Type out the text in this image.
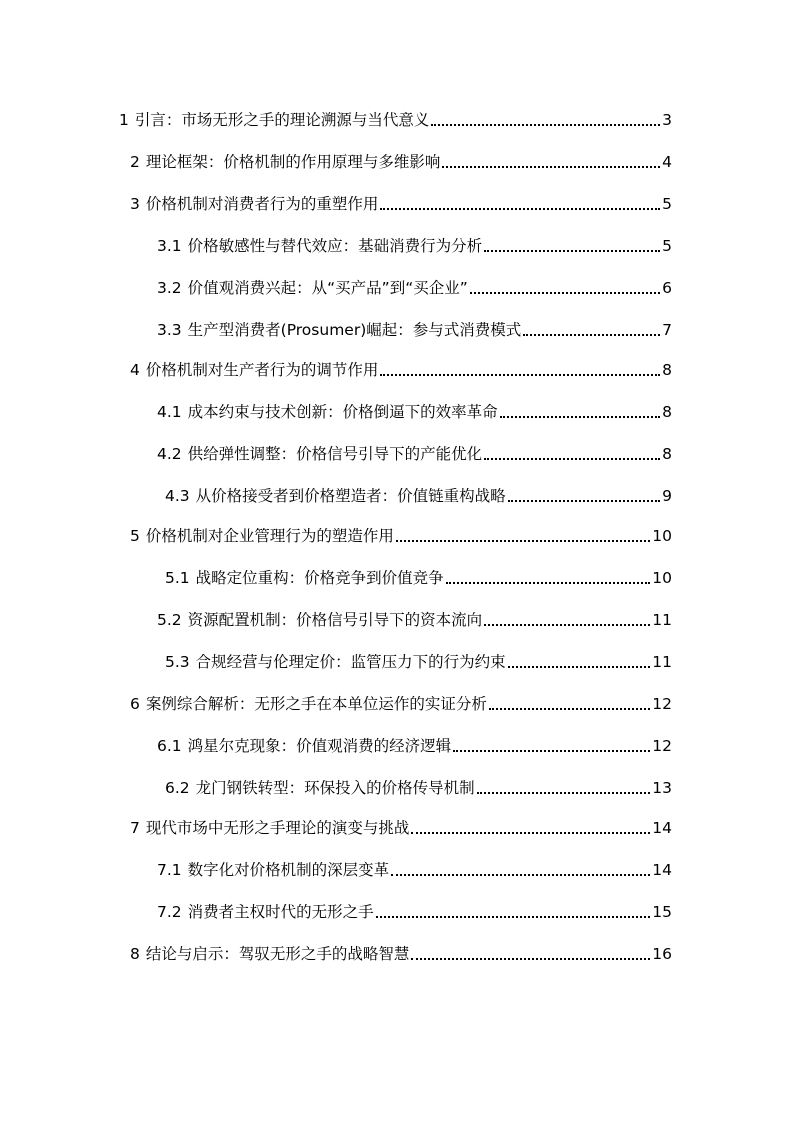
1 引言：市场无形之手的理论溯源与当代意义	3
2 理论框架：价格机制的作用原理与多维影响	4
3 价格机制对消费者行为的重塑作用	5
3.1 价格敏感性与替代效应：基础消费行为分析	5
3.2 价值观消费兴起：从“买产品”到“买企业”	6
3.3 生产型消费者(Prosumer)崛起：参与式消费模式	7
4 价格机制对生产者行为的调节作用	8
4.1 成本约束与技术创新：价格倒逼下的效率革命	8
4.2 供给弹性调整：价格信号引导下的产能优化	8
4.3 从价格接受者到价格塑造者：价值链重构战略	9
5 价格机制对企业管理行为的塑造作用	10
5.1 战略定位重构：价格竞争到价值竞争	10
5.2 资源配置机制：价格信号引导下的资本流向	11
5.3 合规经营与伦理定价：监管压力下的行为约束	11
6 案例综合解析：无形之手在本单位运作的实证分析	12
6.1 鸿星尔克现象：价值观消费的经济逻辑	12
6.2 龙门钢铁转型：环保投入的价格传导机制	13
7 现代市场中无形之手理论的演变与挑战	14
7.1 数字化对价格机制的深层变革	14
7.2 消费者主权时代的无形之手	15
8 结论与启示：驾驭无形之手的战略智慧	16
